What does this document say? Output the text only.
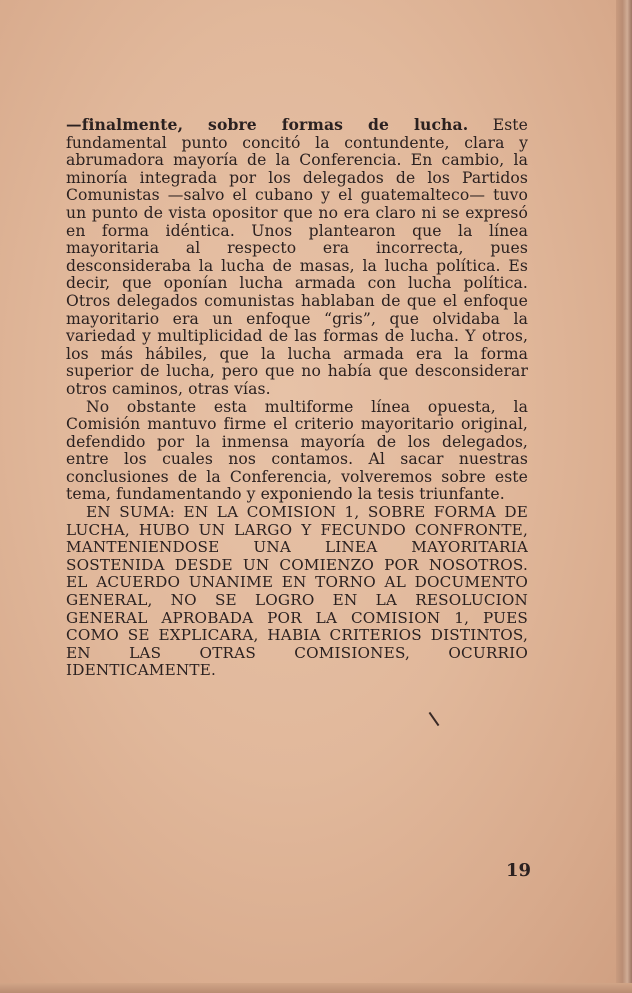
—finalmente, sobre formas de lucha. Este fundamental punto concitó la contundente, clara y abrumadora mayoría de la Conferencia. En cambio, la minoría integrada por los delegados de los Partidos Comunistas —salvo el cubano y el guatemalteco— tuvo un punto de vista opositor que no era claro ni se expresó en forma idéntica. Unos plantearon que la línea mayoritaria al respecto era incorrecta, pues desconsideraba la lucha de masas, la lucha política. Es decir, que oponían lucha armada con lucha política. Otros delegados comunistas hablaban de que el enfoque mayoritario era un enfoque “gris”, que olvidaba la variedad y multiplicidad de las formas de lucha. Y otros, los más hábiles, que la lucha armada era la forma superior de lucha, pero que no había que desconsiderar otros caminos, otras vías.

No obstante esta multiforme línea opuesta, la Comisión mantuvo firme el criterio mayoritario original, defendido por la inmensa mayoría de los delegados, entre los cuales nos contamos. Al sacar nuestras conclusiones de la Conferencia, volveremos sobre este tema, fundamentando y exponiendo la tesis triunfante.

EN SUMA: EN LA COMISION 1, SOBRE FORMA DE LUCHA, HUBO UN LARGO Y FECUNDO CONFRONTE, MANTENIENDOSE UNA LINEA MAYORITARIA SOSTENIDA DESDE UN COMIENZO POR NOSOTROS. EL ACUERDO UNANIME EN TORNO AL DOCUMENTO GENERAL, NO SE LOGRO EN LA RESOLUCION GENERAL APROBADA POR LA COMISION 1, PUES COMO SE EXPLICARA, HABIA CRITERIOS DISTINTOS, EN LAS OTRAS COMISIONES, OCURRIO IDENTICAMENTE.

19
